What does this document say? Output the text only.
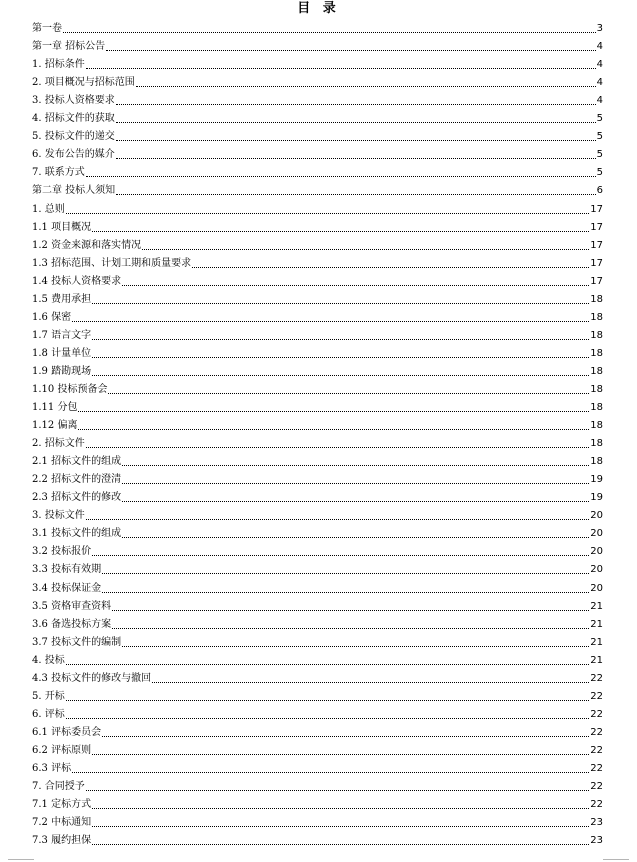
目 录
第一卷	3
第一章 招标公告	4
1. 招标条件	4
2. 项目概况与招标范围	4
3. 投标人资格要求	4
4. 招标文件的获取	5
5. 投标文件的递交	5
6. 发布公告的媒介	5
7. 联系方式	5
第二章 投标人须知	6
1. 总则	17
1.1 项目概况	17
1.2 资金来源和落实情况	17
1.3 招标范围、计划工期和质量要求	17
1.4 投标人资格要求	17
1.5 费用承担	18
1.6 保密	18
1.7 语言文字	18
1.8 计量单位	18
1.9 踏勘现场	18
1.10 投标预备会	18
1.11 分包	18
1.12 偏离	18
2. 招标文件	18
2.1 招标文件的组成	18
2.2 招标文件的澄清	19
2.3 招标文件的修改	19
3. 投标文件	20
3.1 投标文件的组成	20
3.2 投标报价	20
3.3 投标有效期	20
3.4 投标保证金	20
3.5 资格审查资料	21
3.6 备选投标方案	21
3.7 投标文件的编制	21
4. 投标	21
4.3 投标文件的修改与撤回	22
5. 开标	22
6. 评标	22
6.1 评标委员会	22
6.2 评标原则	22
6.3 评标	22
7. 合同授予	22
7.1 定标方式	22
7.2 中标通知	23
7.3 履约担保	23
